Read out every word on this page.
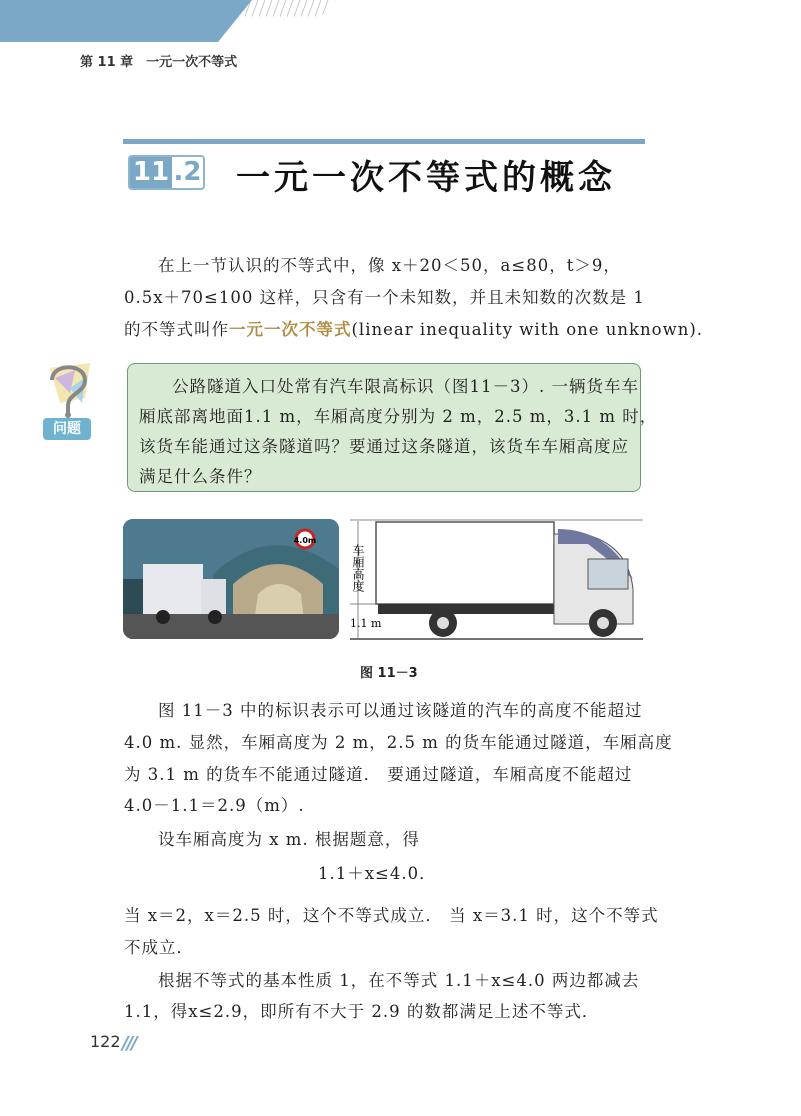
第 11 章　一元一次不等式
11 .2 一元一次不等式的概念
在上一节认识的不等式中，像 x＋20＜50，a≤80，t＞9，
0.5x＋70≤100 这样，只含有一个未知数，并且未知数的次数是 1
的不等式叫作一元一次不等式(linear inequality with one unknown).
问题
公路隧道入口处常有汽车限高标识（图11－3）. 一辆货车车
厢底部离地面1.1 m，车厢高度分别为 2 m，2.5 m，3.1 m 时，
该货车能通过这条隧道吗？要通过这条隧道，该货车车厢高度应
满足什么条件？
4.0m
1.1 m
车厢高度
图 11－3
图 11－3 中的标识表示可以通过该隧道的汽车的高度不能超过
4.0 m. 显然，车厢高度为 2 m，2.5 m 的货车能通过隧道，车厢高度
为 3.1 m 的货车不能通过隧道． 要通过隧道，车厢高度不能超过
4.0－1.1＝2.9（m）.
设车厢高度为 x m. 根据题意，得
1.1＋x≤4.0．
当 x＝2，x＝2.5 时，这个不等式成立． 当 x＝3.1 时，这个不等式
不成立．
根据不等式的基本性质 1，在不等式 1.1＋x≤4.0 两边都减去
1.1，得x≤2.9，即所有不大于 2.9 的数都满足上述不等式．
122 ///
